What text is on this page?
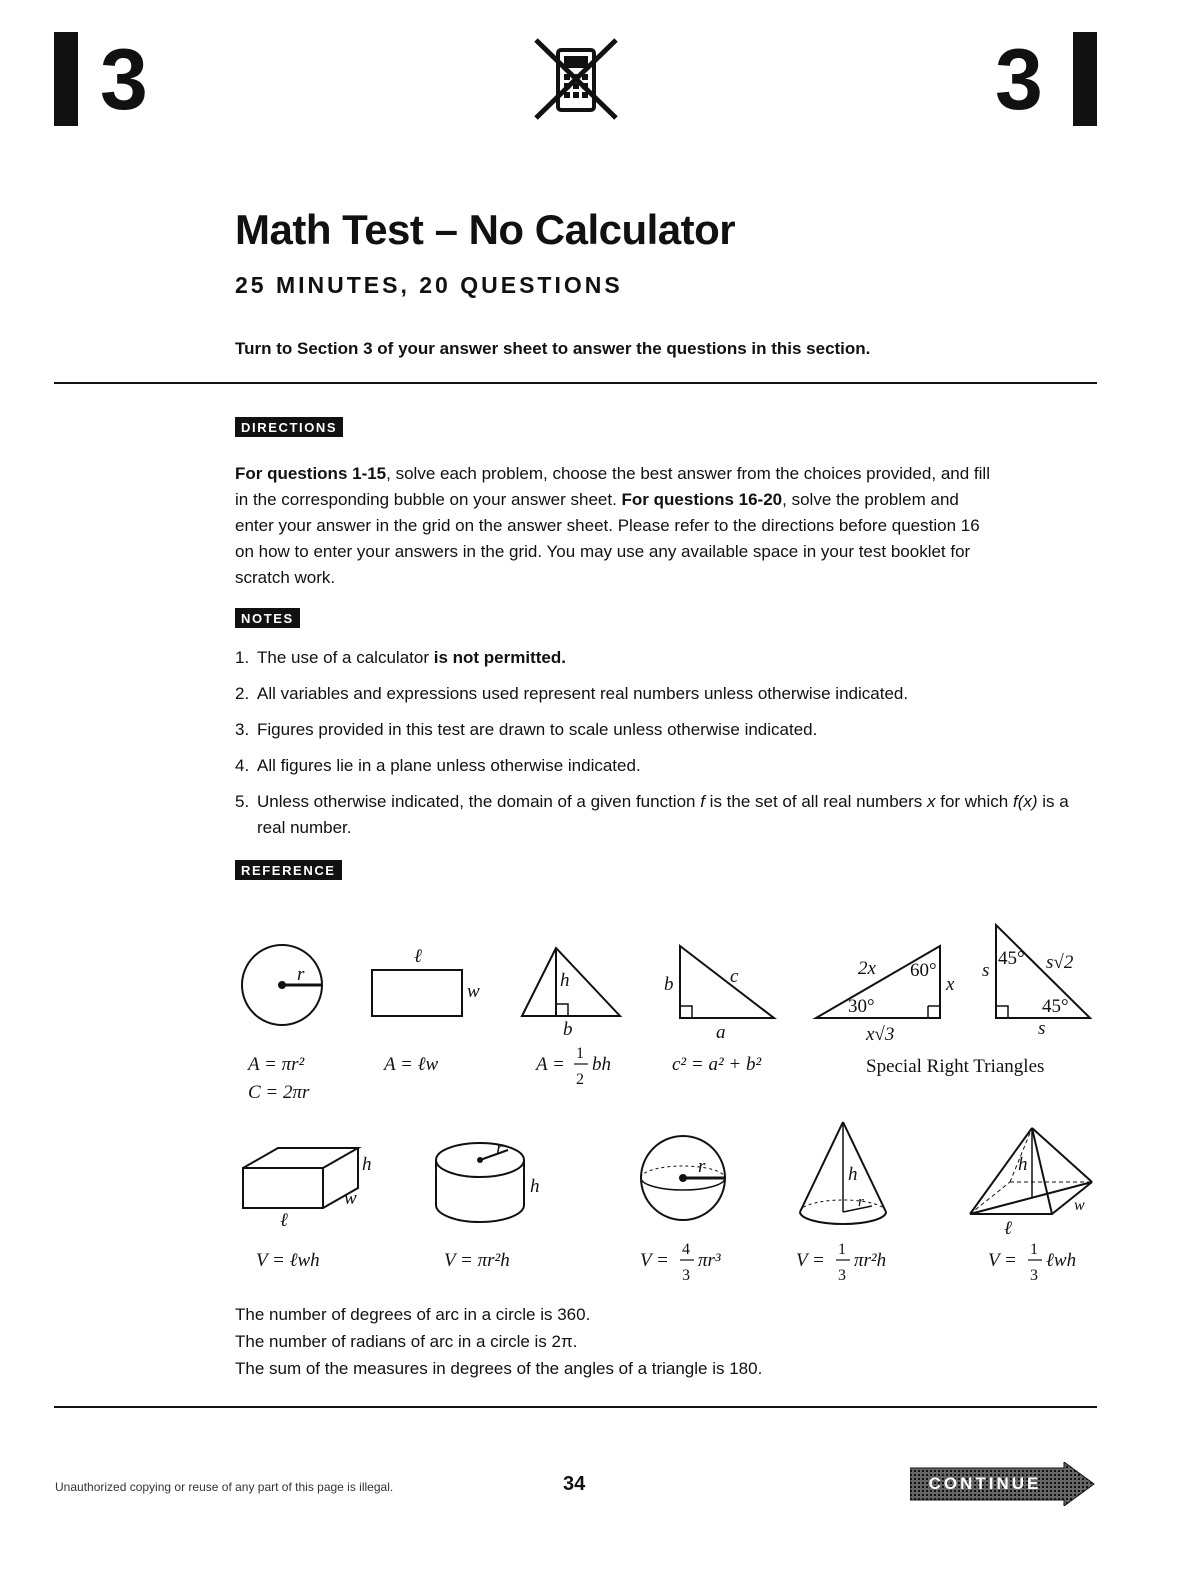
3	3
Math Test – No Calculator
25 MINUTES, 20 QUESTIONS
Turn to Section 3 of your answer sheet to answer the questions in this section.
DIRECTIONS
For questions 1-15, solve each problem, choose the best answer from the choices provided, and fill in the corresponding bubble on your answer sheet. For questions 16-20, solve the problem and enter your answer in the grid on the answer sheet. Please refer to the directions before question 16 on how to enter your answers in the grid. You may use any available space in your test booklet for scratch work.
NOTES
1. The use of a calculator is not permitted.
2. All variables and expressions used represent real numbers unless otherwise indicated.
3. Figures provided in this test are drawn to scale unless otherwise indicated.
4. All figures lie in a plane unless otherwise indicated.
5. Unless otherwise indicated, the domain of a given function f is the set of all real numbers x for which f(x) is a real number.
REFERENCE
r
A = πr²
C = 2πr
ℓ
w
A = ℓw
h
b
A =
1
2
bh
b	c
a
c² = a² + b²
2x 60°
x
30°
x√3
s
45° s√2
45°
s
Special Right Triangles
h
w
ℓ
V = ℓwh
r
h
V = πr²h
r
V =
4
3
πr³
h
r
V =
1
3
πr²h
h
w
ℓ
V =
1
3
ℓwh
The number of degrees of arc in a circle is 360.
The number of radians of arc in a circle is 2π.
The sum of the measures in degrees of the angles of a triangle is 180.
Unauthorized copying or reuse of any part of this page is illegal.	34	CONTINUE
